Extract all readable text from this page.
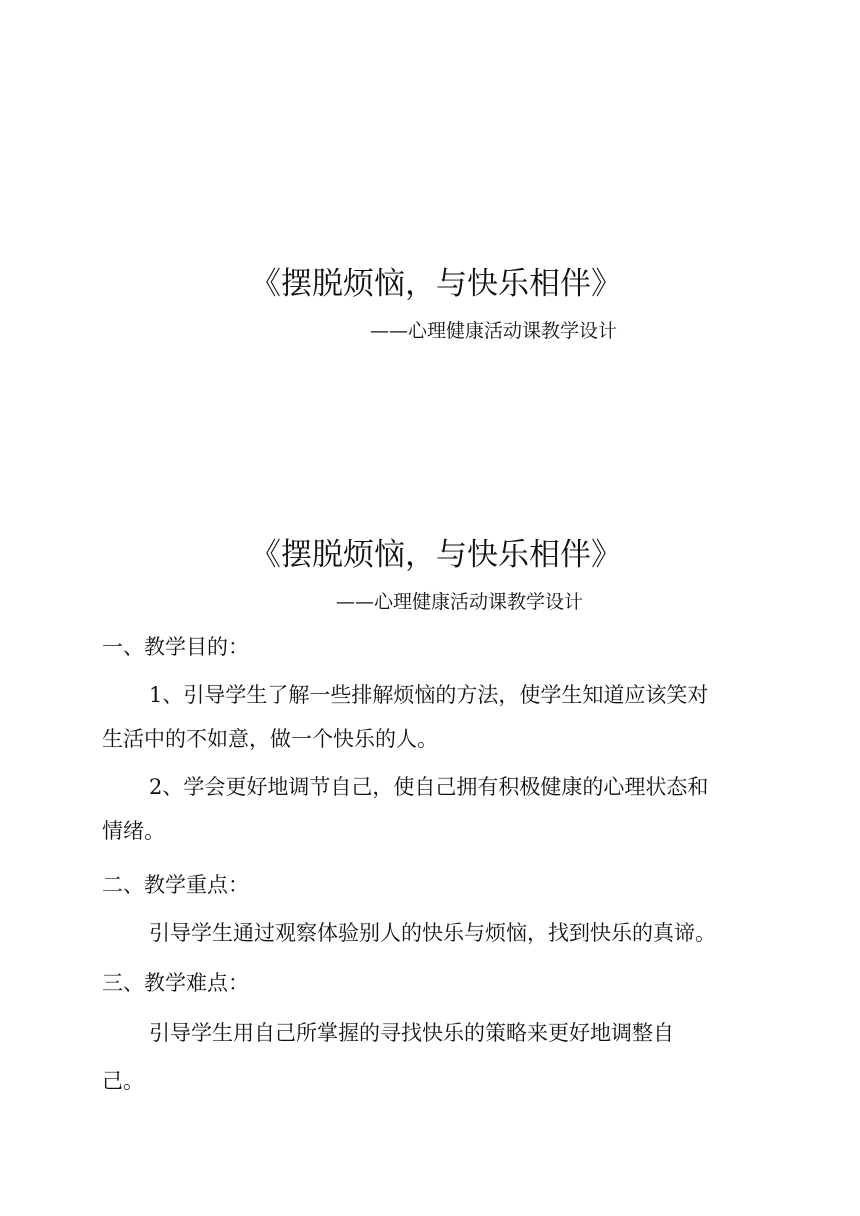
《摆脱烦恼，与快乐相伴》
——心理健康活动课教学设计
《摆脱烦恼，与快乐相伴》
——心理健康活动课教学设计
一、教学目的：
1、引导学生了解一些排解烦恼的方法，使学生知道应该笑对
生活中的不如意，做一个快乐的人。
2、学会更好地调节自己，使自己拥有积极健康的心理状态和
情绪。
二、教学重点：
引导学生通过观察体验别人的快乐与烦恼，找到快乐的真谛。
三、教学难点：
引导学生用自己所掌握的寻找快乐的策略来更好地调整自
己。
